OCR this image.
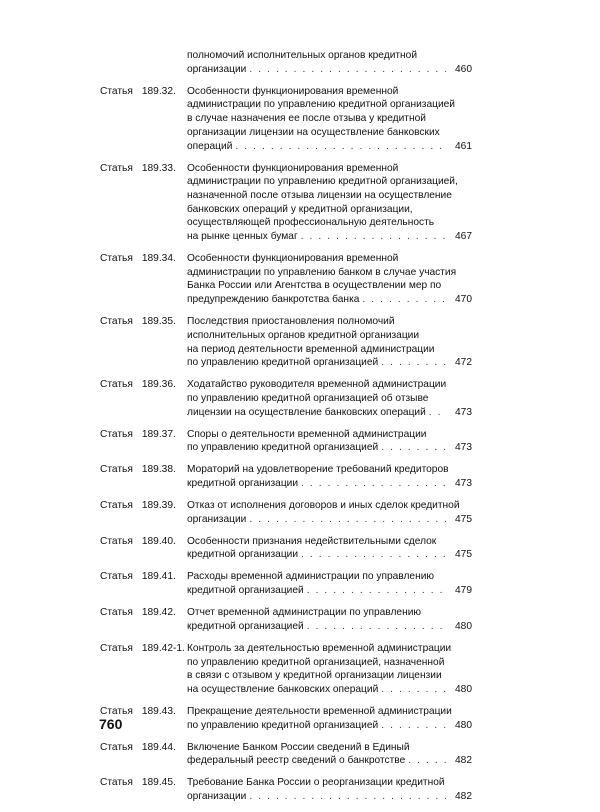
полномочий исполнительных органов кредитной
организации . . .	460
Статья 189.32.	Особенности функционирования временной
администрации по управлению кредитной организацией
в случае назначения ее после отзыва у кредитной
организации лицензии на осуществление банковских
операций . . .	461
Статья 189.33.	Особенности функционирования временной
администрации по управлению кредитной организацией,
назначенной после отзыва лицензии на осуществление
банковских операций у кредитной организации,
осуществляющей профессиональную деятельность
на рынке ценных бумаг . . .	467
Статья 189.34.	Особенности функционирования временной
администрации по управлению банком в случае участия
Банка России или Агентства в осуществлении мер по
предупреждению банкротства банка . . .	470
Статья 189.35.	Последствия приостановления полномочий
исполнительных органов кредитной организации
на период деятельности временной администрации
по управлению кредитной организацией . . .	472
Статья 189.36.	Ходатайство руководителя временной администрации
по управлению кредитной организацией об отзыве
лицензии на осуществление банковских операций . . .	473
Статья 189.37.	Споры о деятельности временной администрации
по управлению кредитной организацией . . .	473
Статья 189.38.	Мораторий на удовлетворение требований кредиторов
кредитной организации . . .	473
Статья 189.39.	Отказ от исполнения договоров и иных сделок кредитной
организации . . .	475
Статья 189.40.	Особенности признания недействительными сделок
кредитной организации . . .	475
Статья 189.41.	Расходы временной администрации по управлению
кредитной организацией . . .	479
Статья 189.42.	Отчет временной администрации по управлению
кредитной организацией . . .	480
Статья 189.42-1. Контроль за деятельностью временной администрации
по управлению кредитной организацией, назначенной
в связи с отзывом у кредитной организации лицензии
на осуществление банковских операций . . .	480
Статья 189.43.	Прекращение деятельности временной администрации
по управлению кредитной организацией . . .	480
Статья 189.44.	Включение Банком России сведений в Единый
федеральный реестр сведений о банкротстве . . .	482
Статья 189.45.	Требование Банка России о реорганизации кредитной
организации . . .	482
760
